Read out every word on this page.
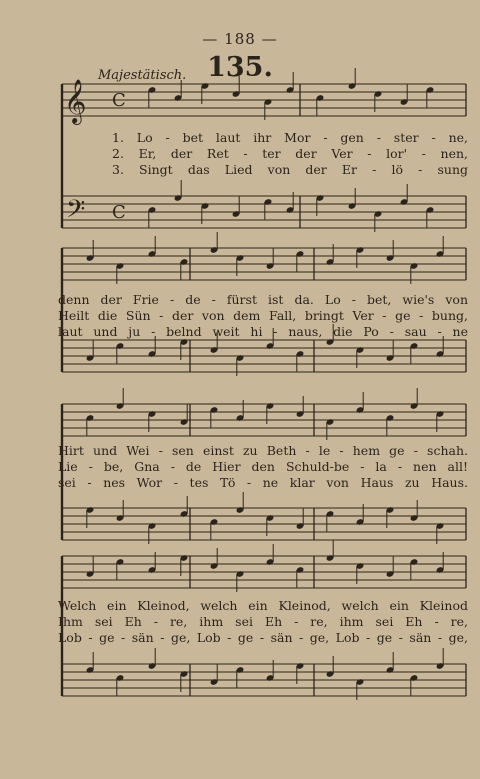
𝄞
𝄢
C
C
— 188 —
135.
Majestätisch.
1. Lo - bet laut ihr Mor - gen - ster - ne,
2. Er, der Ret - ter der Ver - lor' - nen,
3. Singt das Lied von der Er - lö - sung
denn der Frie - de - fürst ist da. Lo - bet, wie's von
Heilt die Sün - der von dem Fall, bringt Ver - ge - bung,
laut und ju - belnd weit hi - naus, die Po - sau - ne
Hirt und Wei - sen einst zu Beth - le - hem ge - schah.
Lie - be, Gna - de Hier den Schuld-be - la - nen all!
sei - nes Wor - tes Tö - ne klar von Haus zu Haus.
Welch ein Kleinod, welch ein Kleinod, welch ein Kleinod
Ihm sei Eh - re, ihm sei Eh - re, ihm sei Eh - re,
Lob - ge - sän - ge, Lob - ge - sän - ge, Lob - ge - sän - ge,
